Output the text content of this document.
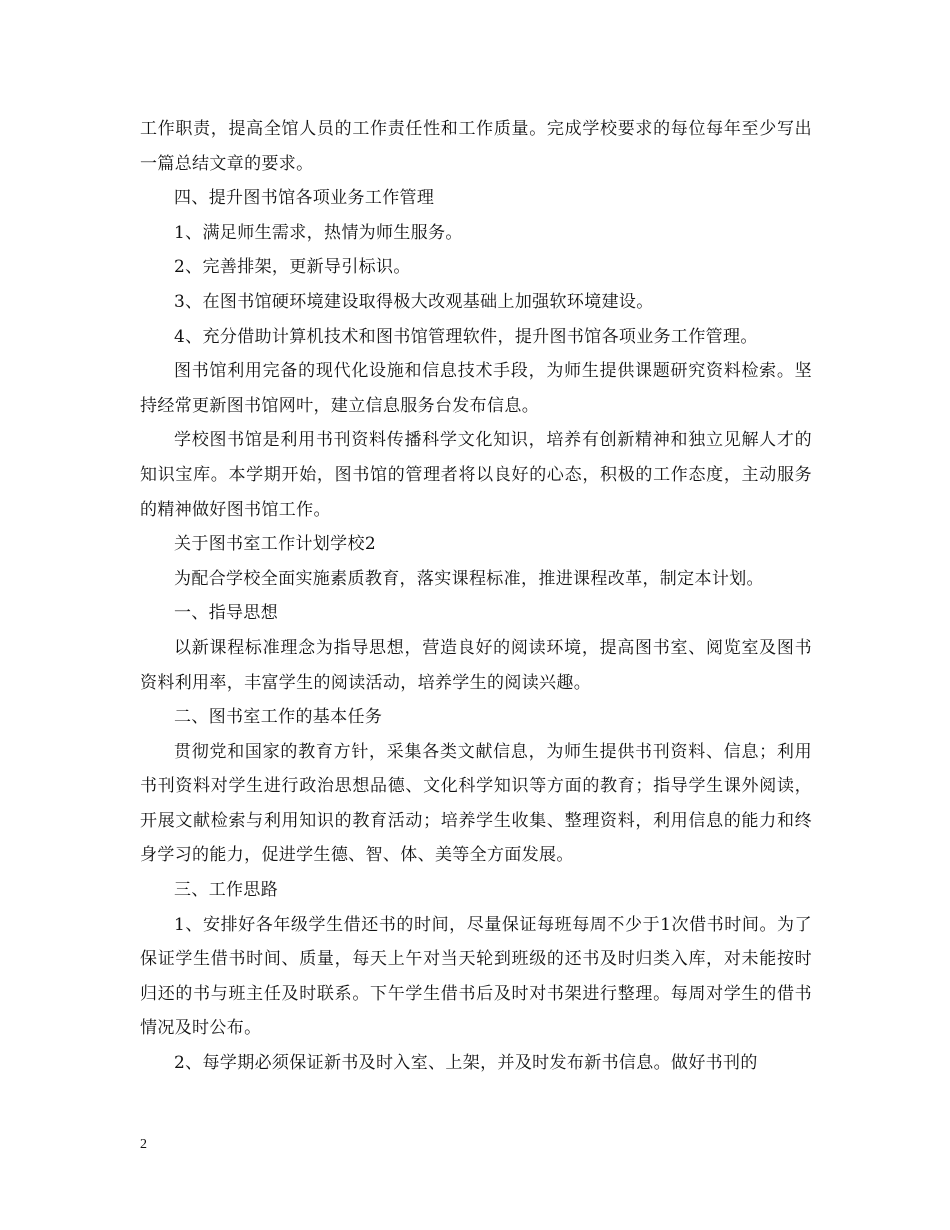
工作职责，提高全馆人员的工作责任性和工作质量。完成学校要求的每位每年至少写出一篇总结文章的要求。

四、提升图书馆各项业务工作管理

1、满足师生需求，热情为师生服务。

2、完善排架，更新导引标识。

3、在图书馆硬环境建设取得极大改观基础上加强软环境建设。

4、充分借助计算机技术和图书馆管理软件，提升图书馆各项业务工作管理。

图书馆利用完备的现代化设施和信息技术手段，为师生提供课题研究资料检索。坚持经常更新图书馆网叶，建立信息服务台发布信息。

学校图书馆是利用书刊资料传播科学文化知识，培养有创新精神和独立见解人才的知识宝库。本学期开始，图书馆的管理者将以良好的心态，积极的工作态度，主动服务的精神做好图书馆工作。

关于图书室工作计划学校2

为配合学校全面实施素质教育，落实课程标准，推进课程改革，制定本计划。

一、指导思想

以新课程标准理念为指导思想，营造良好的阅读环境，提高图书室、阅览室及图书资料利用率，丰富学生的阅读活动，培养学生的阅读兴趣。

二、图书室工作的基本任务

贯彻党和国家的教育方针，采集各类文献信息，为师生提供书刊资料、信息；利用书刊资料对学生进行政治思想品德、文化科学知识等方面的教育；指导学生课外阅读，开展文献检索与利用知识的教育活动；培养学生收集、整理资料，利用信息的能力和终身学习的能力，促进学生德、智、体、美等全方面发展。

三、工作思路

1、安排好各年级学生借还书的时间，尽量保证每班每周不少于1次借书时间。为了保证学生借书时间、质量，每天上午对当天轮到班级的还书及时归类入库，对未能按时归还的书与班主任及时联系。下午学生借书后及时对书架进行整理。每周对学生的借书情况及时公布。

2、每学期必须保证新书及时入室、上架，并及时发布新书信息。做好书刊的

2
